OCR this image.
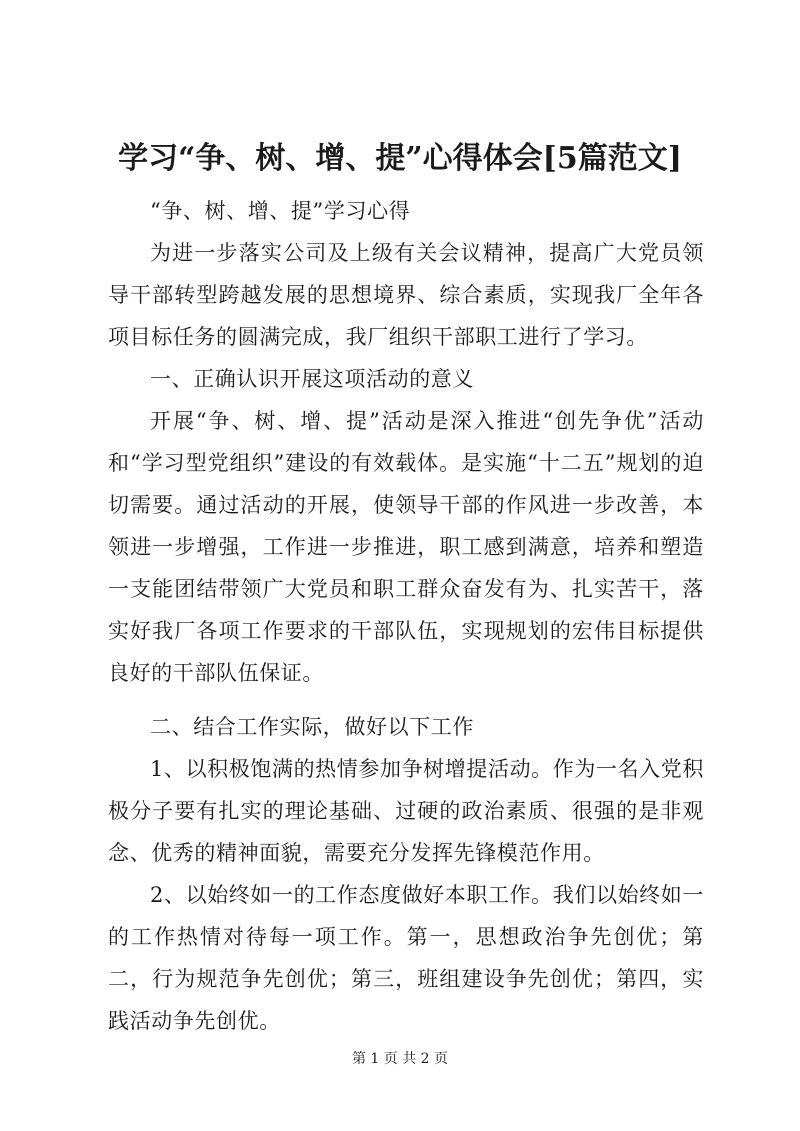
学习“争、树、增、提”心得体会[5篇范文]

“争、树、增、提”学习心得

为进一步落实公司及上级有关会议精神，提高广大党员领导干部转型跨越发展的思想境界、综合素质，实现我厂全年各项目标任务的圆满完成，我厂组织干部职工进行了学习。

一、正确认识开展这项活动的意义

开展“争、树、增、提”活动是深入推进“创先争优”活动和“学习型党组织”建设的有效载体。是实施“十二五”规划的迫切需要。通过活动的开展，使领导干部的作风进一步改善，本领进一步增强，工作进一步推进，职工感到满意，培养和塑造一支能团结带领广大党员和职工群众奋发有为、扎实苦干，落实好我厂各项工作要求的干部队伍，实现规划的宏伟目标提供良好的干部队伍保证。

二、结合工作实际，做好以下工作

1、以积极饱满的热情参加争树增提活动。作为一名入党积极分子要有扎实的理论基础、过硬的政治素质、很强的是非观念、优秀的精神面貌，需要充分发挥先锋模范作用。

2、以始终如一的工作态度做好本职工作。我们以始终如一的工作热情对待每一项工作。第一，思想政治争先创优；第二，行为规范争先创优；第三，班组建设争先创优；第四，实践活动争先创优。

第 1 页 共 2 页
